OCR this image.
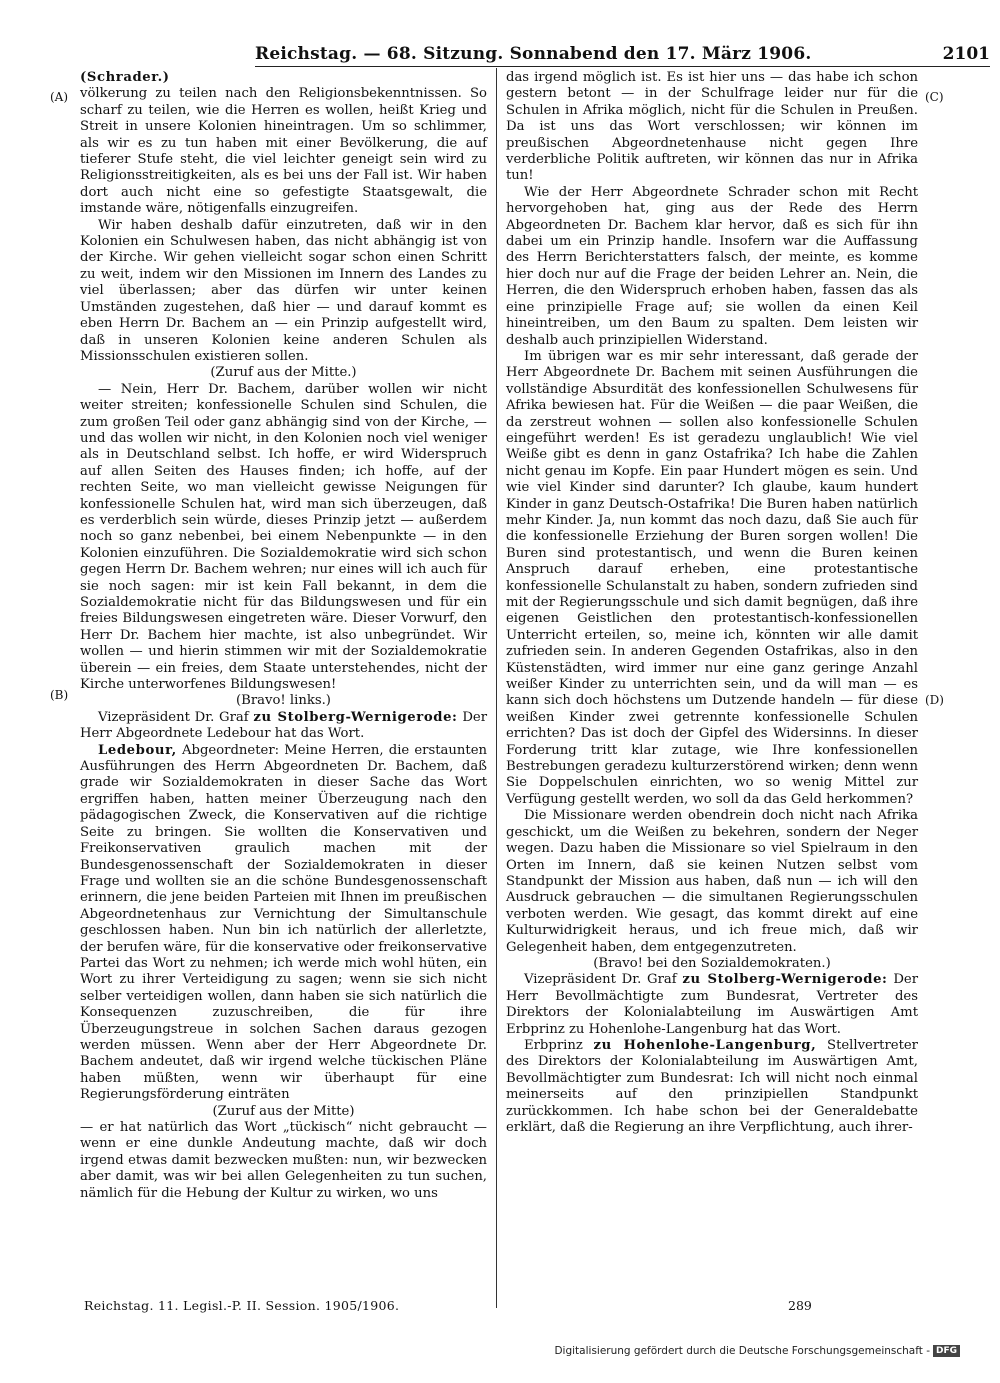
Reichstag. — 68. Sitzung. Sonnabend den 17. März 1906.	2101
(A)
(B)
(C)
(D)

(Schrader.)

völkerung zu teilen nach den Religionsbekenntnissen. So scharf zu teilen, wie die Herren es wollen, heißt Krieg und Streit in unsere Kolonien hineintragen. Um so schlimmer, als wir es zu tun haben mit einer Bevölkerung, die auf tieferer Stufe steht, die viel leichter geneigt sein wird zu Religionsstreitigkeiten, als es bei uns der Fall ist. Wir haben dort auch nicht eine so gefestigte Staatsgewalt, die imstande wäre, nötigenfalls einzugreifen.

Wir haben deshalb dafür einzutreten, daß wir in den Kolonien ein Schulwesen haben, das nicht abhängig ist von der Kirche. Wir gehen vielleicht sogar schon einen Schritt zu weit, indem wir den Missionen im Innern des Landes zu viel überlassen; aber das dürfen wir unter keinen Umständen zugestehen, daß hier — und darauf kommt es eben Herrn Dr. Bachem an — ein Prinzip aufgestellt wird, daß in unseren Kolonien keine anderen Schulen als Missionsschulen existieren sollen.

(Zuruf aus der Mitte.)

— Nein, Herr Dr. Bachem, darüber wollen wir nicht weiter streiten; konfessionelle Schulen sind Schulen, die zum großen Teil oder ganz abhängig sind von der Kirche, — und das wollen wir nicht, in den Kolonien noch viel weniger als in Deutschland selbst. Ich hoffe, er wird Widerspruch auf allen Seiten des Hauses finden; ich hoffe, auf der rechten Seite, wo man vielleicht gewisse Neigungen für konfessionelle Schulen hat, wird man sich überzeugen, daß es verderblich sein würde, dieses Prinzip jetzt — außerdem noch so ganz nebenbei, bei einem Nebenpunkte — in den Kolonien einzuführen. Die Sozialdemokratie wird sich schon gegen Herrn Dr. Bachem wehren; nur eines will ich auch für sie noch sagen: mir ist kein Fall bekannt, in dem die Sozialdemokratie nicht für das Bildungswesen und für ein freies Bildungswesen eingetreten wäre. Dieser Vorwurf, den Herr Dr. Bachem hier machte, ist also unbegründet. Wir wollen — und hierin stimmen wir mit der Sozialdemokratie überein — ein freies, dem Staate unterstehendes, nicht der Kirche unterworfenes Bildungswesen!

(Bravo! links.)

Vizepräsident Dr. Graf zu Stolberg-Wernigerode: Der Herr Abgeordnete Ledebour hat das Wort.

Ledebour, Abgeordneter: Meine Herren, die erstaunten Ausführungen des Herrn Abgeordneten Dr. Bachem, daß grade wir Sozialdemokraten in dieser Sache das Wort ergriffen haben, hatten meiner Überzeugung nach den pädagogischen Zweck, die Konservativen auf die richtige Seite zu bringen. Sie wollten die Konservativen und Freikonservativen graulich machen mit der Bundesgenossenschaft der Sozialdemokraten in dieser Frage und wollten sie an die schöne Bundesgenossenschaft erinnern, die jene beiden Parteien mit Ihnen im preußischen Abgeordnetenhaus zur Vernichtung der Simultanschule geschlossen haben. Nun bin ich natürlich der allerletzte, der berufen wäre, für die konservative oder freikonservative Partei das Wort zu nehmen; ich werde mich wohl hüten, ein Wort zu ihrer Verteidigung zu sagen; wenn sie sich nicht selber verteidigen wollen, dann haben sie sich natürlich die Konsequenzen zuzuschreiben, die für ihre Überzeugungstreue in solchen Sachen daraus gezogen werden müssen. Wenn aber der Herr Abgeordnete Dr. Bachem andeutet, daß wir irgend welche tückischen Pläne haben müßten, wenn wir überhaupt für eine Regierungsförderung einträten

(Zuruf aus der Mitte)

— er hat natürlich das Wort „tückisch“ nicht gebraucht — wenn er eine dunkle Andeutung machte, daß wir doch irgend etwas damit bezwecken mußten: nun, wir bezwecken aber damit, was wir bei allen Gelegenheiten zu tun suchen, nämlich für die Hebung der Kultur zu wirken, wo uns

das irgend möglich ist. Es ist hier uns — das habe ich schon gestern betont — in der Schulfrage leider nur für die Schulen in Afrika möglich, nicht für die Schulen in Preußen. Da ist uns das Wort verschlossen; wir können im preußischen Abgeordnetenhause nicht gegen Ihre verderbliche Politik auftreten, wir können das nur in Afrika tun!

Wie der Herr Abgeordnete Schrader schon mit Recht hervorgehoben hat, ging aus der Rede des Herrn Abgeordneten Dr. Bachem klar hervor, daß es sich für ihn dabei um ein Prinzip handle. Insofern war die Auffassung des Herrn Berichterstatters falsch, der meinte, es komme hier doch nur auf die Frage der beiden Lehrer an. Nein, die Herren, die den Widerspruch erhoben haben, fassen das als eine prinzipielle Frage auf; sie wollen da einen Keil hineintreiben, um den Baum zu spalten. Dem leisten wir deshalb auch prinzipiellen Widerstand.

Im übrigen war es mir sehr interessant, daß gerade der Herr Abgeordnete Dr. Bachem mit seinen Ausführungen die vollständige Absurdität des konfessionellen Schulwesens für Afrika bewiesen hat. Für die Weißen — die paar Weißen, die da zerstreut wohnen — sollen also konfessionelle Schulen eingeführt werden! Es ist geradezu unglaublich! Wie viel Weiße gibt es denn in ganz Ostafrika? Ich habe die Zahlen nicht genau im Kopfe. Ein paar Hundert mögen es sein. Und wie viel Kinder sind darunter? Ich glaube, kaum hundert Kinder in ganz Deutsch-Ostafrika! Die Buren haben natürlich mehr Kinder. Ja, nun kommt das noch dazu, daß Sie auch für die konfessionelle Erziehung der Buren sorgen wollen! Die Buren sind protestantisch, und wenn die Buren keinen Anspruch darauf erheben, eine protestantische konfessionelle Schulanstalt zu haben, sondern zufrieden sind mit der Regierungsschule und sich damit begnügen, daß ihre eigenen Geistlichen den protestantisch-konfessionellen Unterricht erteilen, so, meine ich, könnten wir alle damit zufrieden sein. In anderen Gegenden Ostafrikas, also in den Küstenstädten, wird immer nur eine ganz geringe Anzahl weißer Kinder zu unterrichten sein, und da will man — es kann sich doch höchstens um Dutzende handeln — für diese weißen Kinder zwei getrennte konfessionelle Schulen errichten? Das ist doch der Gipfel des Widersinns. In dieser Forderung tritt klar zutage, wie Ihre konfessionellen Bestrebungen geradezu kulturzerstörend wirken; denn wenn Sie Doppelschulen einrichten, wo so wenig Mittel zur Verfügung gestellt werden, wo soll da das Geld herkommen?

Die Missionare werden obendrein doch nicht nach Afrika geschickt, um die Weißen zu bekehren, sondern der Neger wegen. Dazu haben die Missionare so viel Spielraum in den Orten im Innern, daß sie keinen Nutzen selbst vom Standpunkt der Mission aus haben, daß nun — ich will den Ausdruck gebrauchen — die simultanen Regierungsschulen verboten werden. Wie gesagt, das kommt direkt auf eine Kulturwidrigkeit heraus, und ich freue mich, daß wir Gelegenheit haben, dem entgegenzutreten.

(Bravo! bei den Sozialdemokraten.)

Vizepräsident Dr. Graf zu Stolberg-Wernigerode: Der Herr Bevollmächtigte zum Bundesrat, Vertreter des Direktors der Kolonialabteilung im Auswärtigen Amt Erbprinz zu Hohenlohe-Langenburg hat das Wort.

Erbprinz zu Hohenlohe-Langenburg, Stellvertreter des Direktors der Kolonialabteilung im Auswärtigen Amt, Bevollmächtigter zum Bundesrat: Ich will nicht noch einmal meinerseits auf den prinzipiellen Standpunkt zurückkommen. Ich habe schon bei der Generaldebatte erklärt, daß die Regierung an ihre Verpflichtung, auch ihrer-

Reichstag. 11. Legisl.-P. II. Session. 1905/1906.	289
Digitalisierung gefördert durch die Deutsche Forschungsgemeinschaft - DFG
